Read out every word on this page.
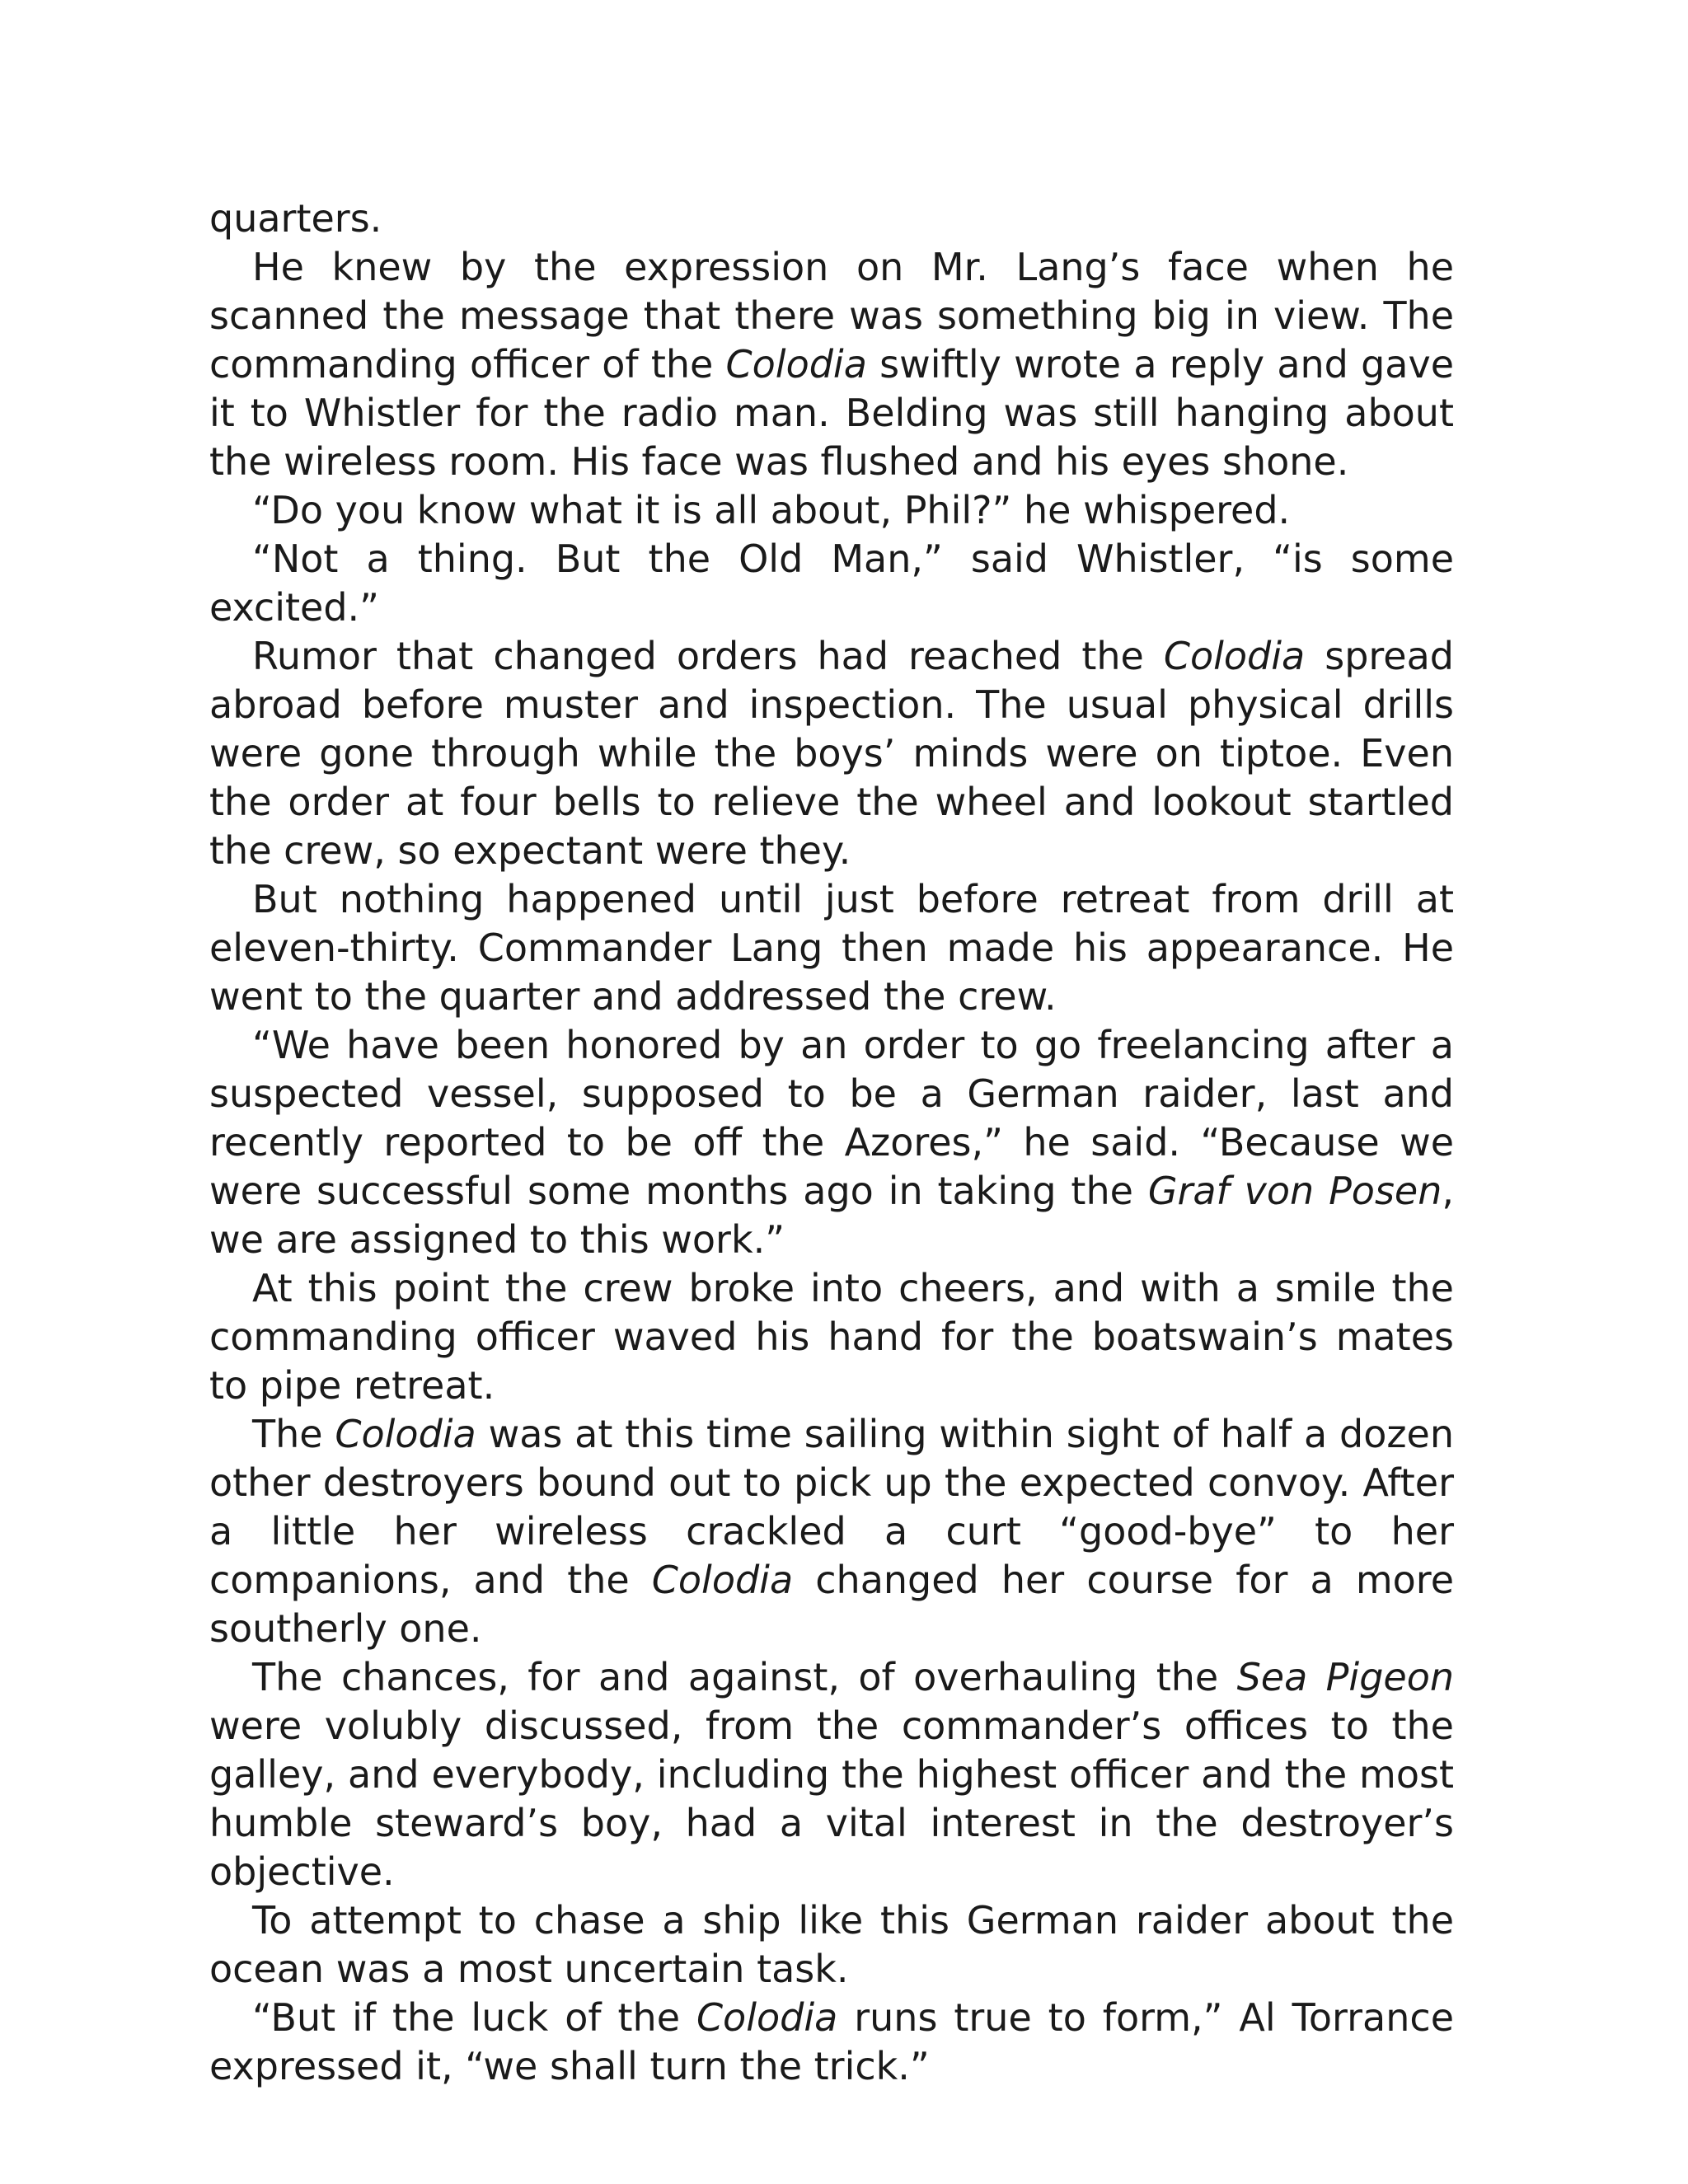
quarters.

He knew by the expression on Mr. Lang’s face when he scanned the message that there was something big in view. The commanding officer of the Colodia swiftly wrote a reply and gave it to Whistler for the radio man. Belding was still hanging about the wireless room. His face was flushed and his eyes shone.

“Do you know what it is all about, Phil?” he whispered.

“Not a thing. But the Old Man,” said Whistler, “is some excited.”

Rumor that changed orders had reached the Colodia spread abroad before muster and inspection. The usual physical drills were gone through while the boys’ minds were on tiptoe. Even the order at four bells to relieve the wheel and lookout startled the crew, so expectant were they.

But nothing happened until just before retreat from drill at eleven-thirty. Commander Lang then made his appearance. He went to the quarter and addressed the crew.

“We have been honored by an order to go freelancing after a suspected vessel, supposed to be a German raider, last and recently reported to be off the Azores,” he said. “Because we were successful some months ago in taking the Graf von Posen, we are assigned to this work.”

At this point the crew broke into cheers, and with a smile the commanding officer waved his hand for the boatswain’s mates to pipe retreat.

The Colodia was at this time sailing within sight of half a dozen other destroyers bound out to pick up the expected convoy. After a little her wireless crackled a curt “good-bye” to her companions, and the Colodia changed her course for a more southerly one.

The chances, for and against, of overhauling the Sea Pigeon were volubly discussed, from the commander’s offices to the galley, and everybody, including the highest officer and the most humble steward’s boy, had a vital interest in the destroyer’s objective.

To attempt to chase a ship like this German raider about the ocean was a most uncertain task.

“But if the luck of the Colodia runs true to form,” Al Torrance expressed it, “we shall turn the trick.”
